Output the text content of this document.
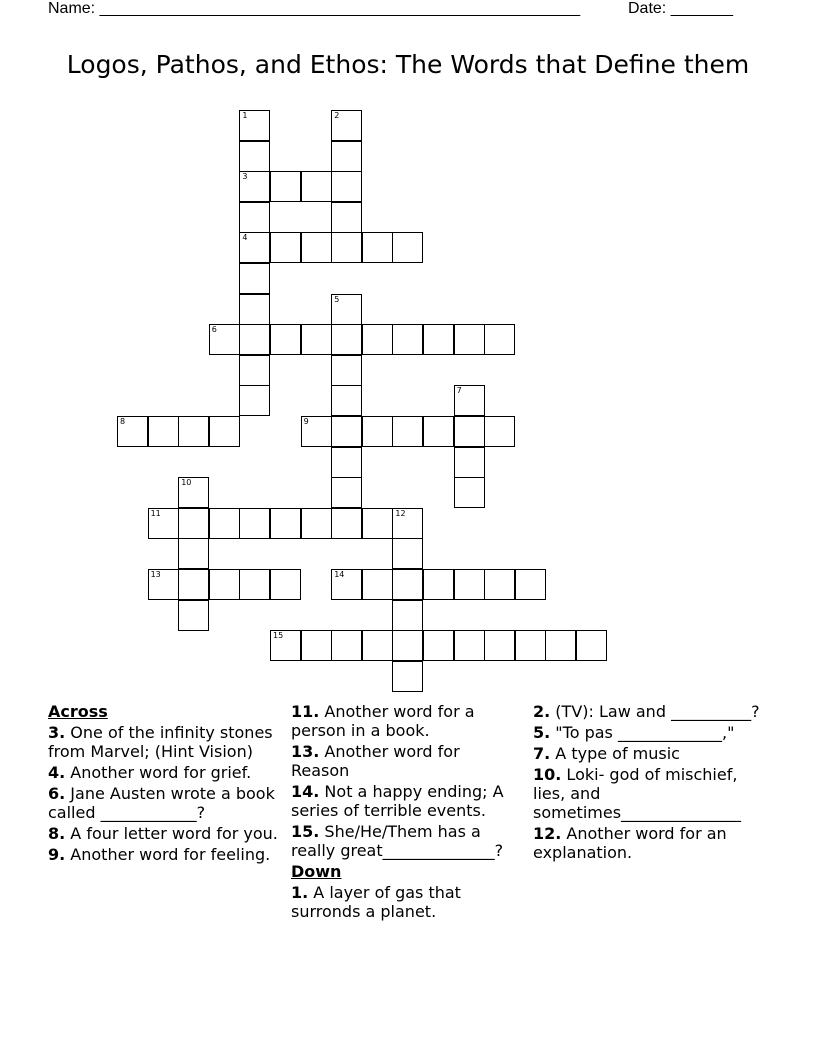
Name: ______________________________________________________	Date: _______
Logos, Pathos, and Ethos: The Words that Define them
1
3
4
2
5
6
7
8	9
10
11	12
13	14
15
Across
3. One of the infinity stones from Marvel; (Hint Vision)
4. Another word for grief.
6. Jane Austen wrote a book called ____________?
8. A four letter word for you.
9. Another word for feeling.
11. Another word for a person in a book.
13. Another word for Reason
14. Not a happy ending; A series of terrible events.
15. She/He/Them has a really great______________?
Down
1. A layer of gas that surronds a planet.
2. (TV): Law and __________?
5. "To pas _____________,"
7. A type of music
10. Loki- god of mischief, lies, and sometimes_______________
12. Another word for an explanation.
